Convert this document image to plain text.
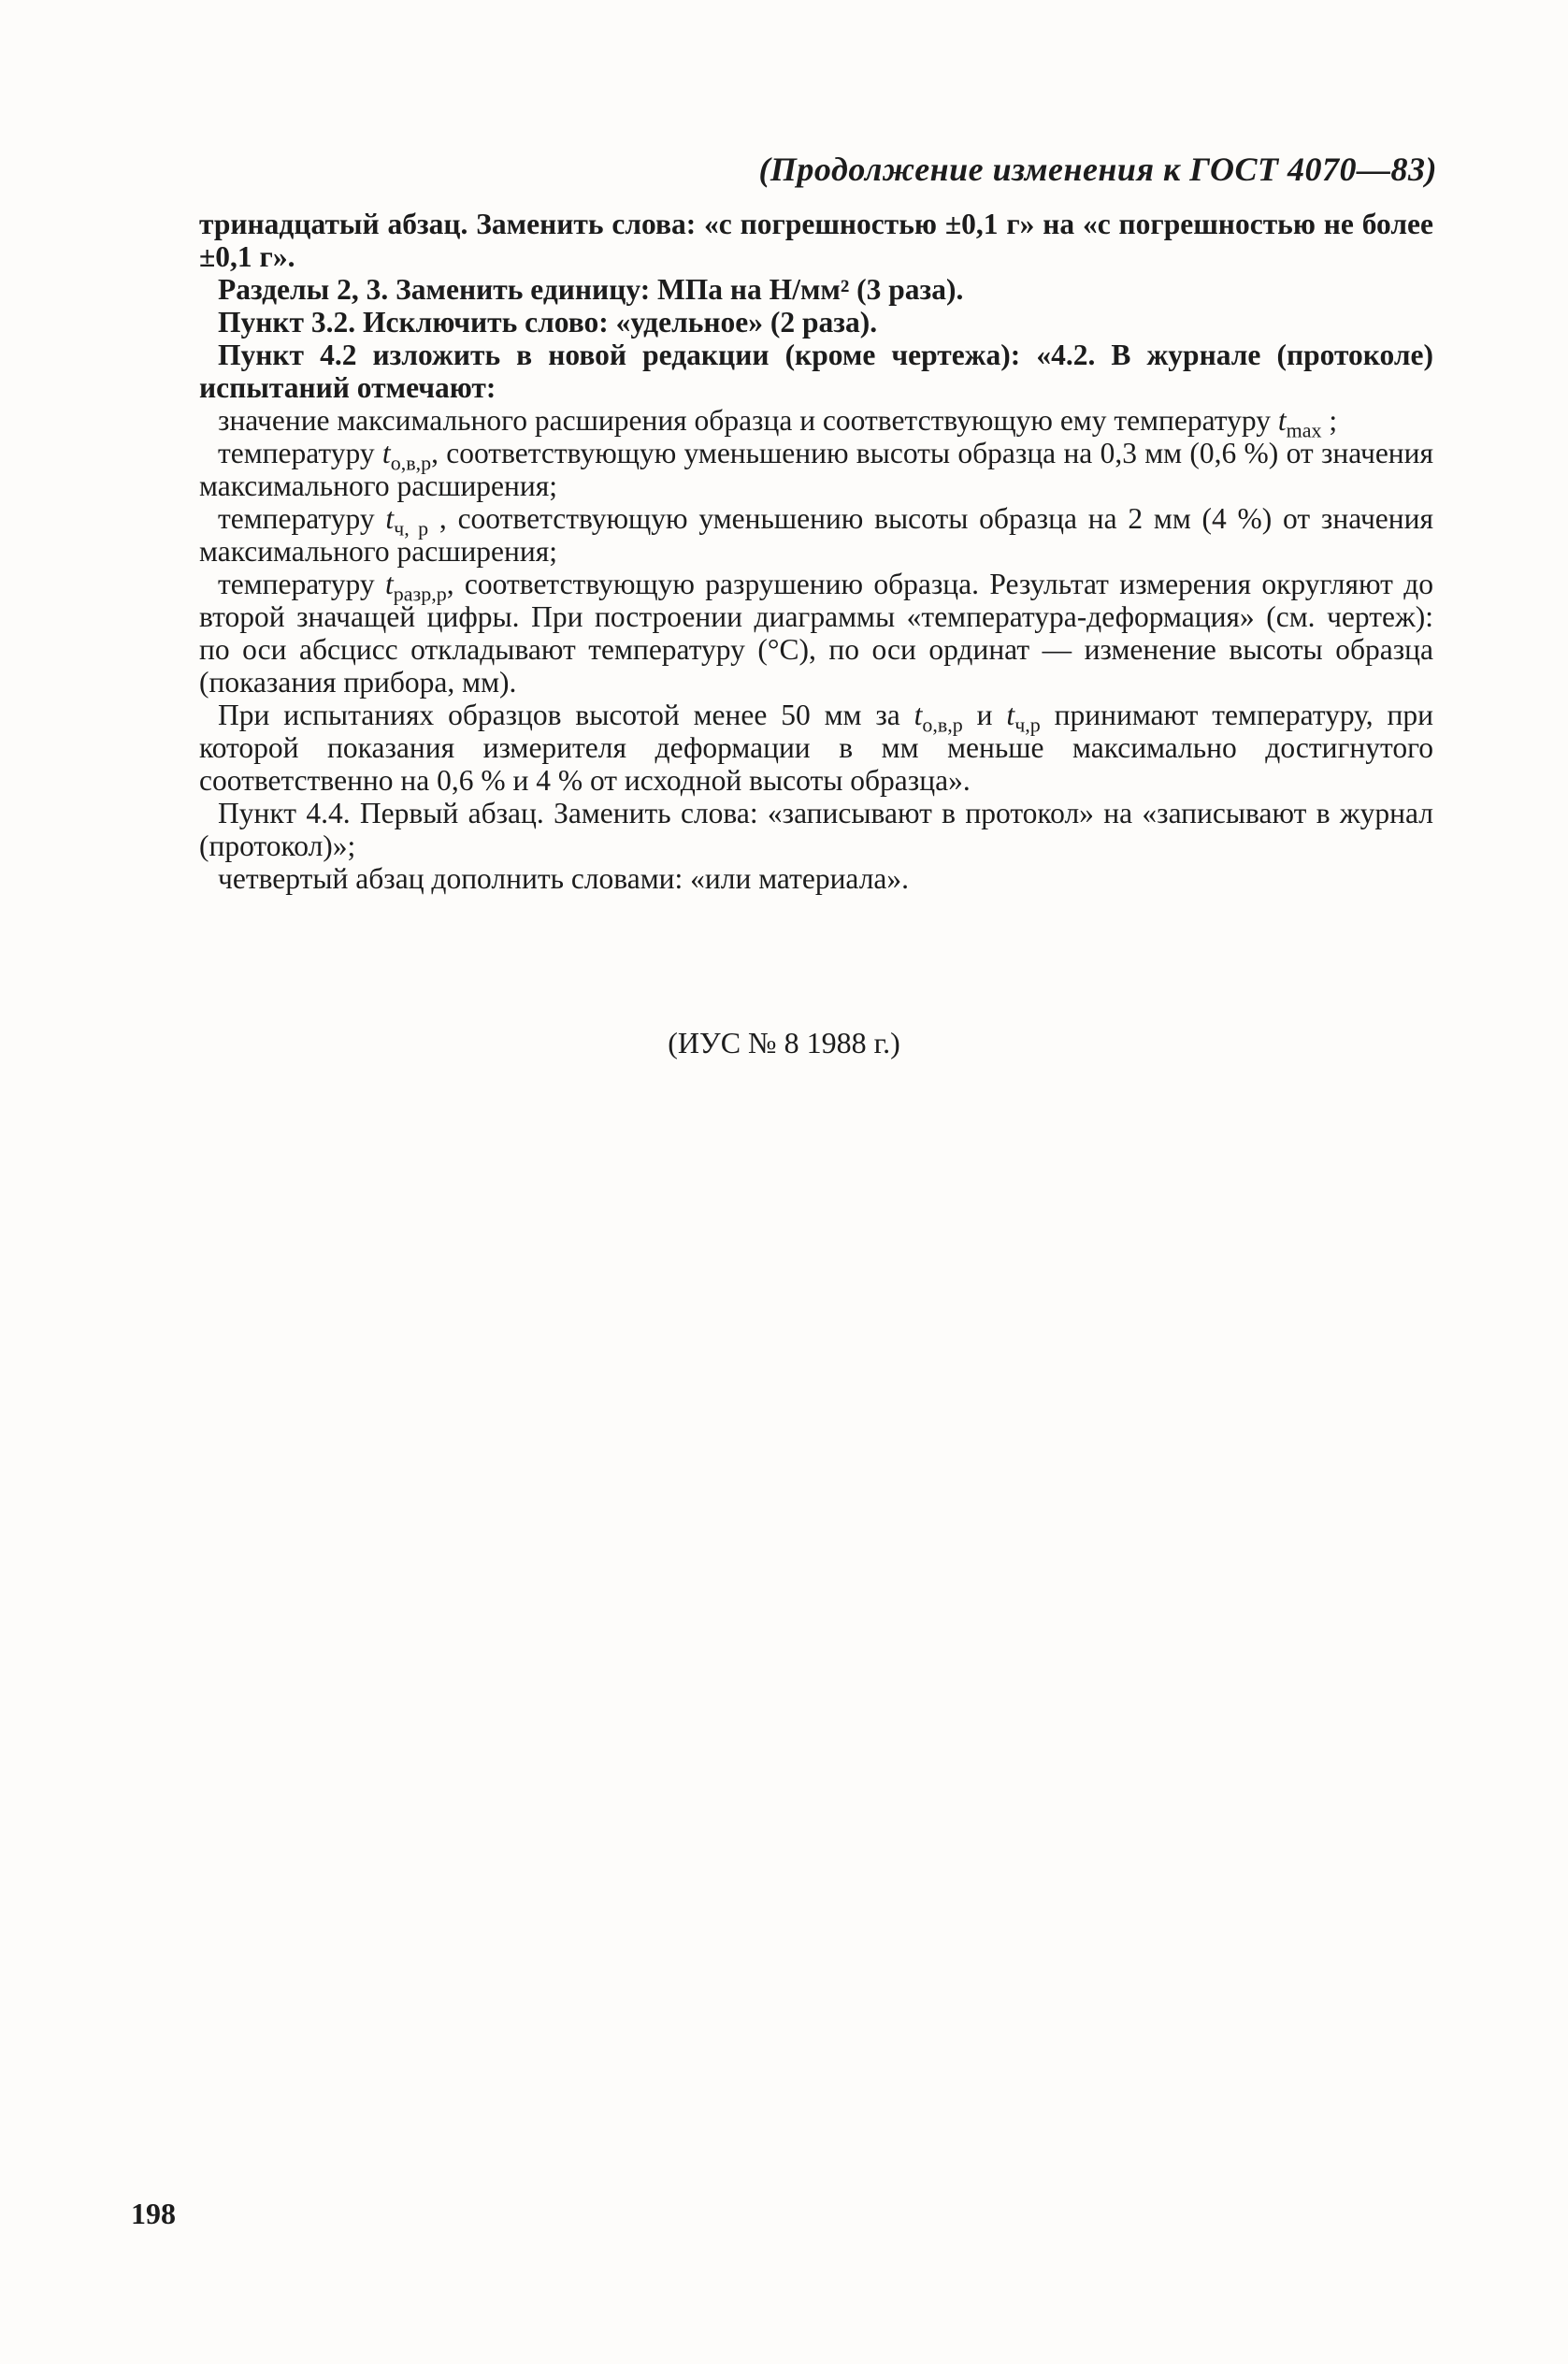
(Продолжение изменения к ГОСТ 4070—83)

тринадцатый абзац. Заменить слова: «с погрешностью ±0,1 г» на «с погрешностью не более ±0,1 г».

Разделы 2, 3. Заменить единицу: МПа на Н/мм² (3 раза).

Пункт 3.2. Исключить слово: «удельное» (2 раза).

Пункт 4.2 изложить в новой редакции (кроме чертежа): «4.2. В журнале (протоколе) испытаний отмечают:

значение максимального расширения образца и соответствующую ему температуру $t_{max}$ ;

температуру $t_{о,в,р}$, соответствующую уменьшению высоты образца на 0,3 мм (0,6 %) от значения максимального расширения;

температуру $t_{ч, р}$ , соответствующую уменьшению высоты образца на 2 мм (4 %) от значения максимального расширения;

температуру $t_{разр,р}$, соответствующую разрушению образца. Результат измерения округляют до второй значащей цифры. При построении диаграммы «температура-деформация» (см. чертеж): по оси абсцисс откладывают температуру (°С), по оси ординат — изменение высоты образца (показания прибора, мм).

При испытаниях образцов высотой менее 50 мм за $t_{о,в,р}$ и $t_{ч,р}$ принимают температуру, при которой показания измерителя деформации в мм меньше максимально достигнутого соответственно на 0,6 % и 4 % от исходной высоты образца».

Пункт 4.4. Первый абзац. Заменить слова: «записывают в протокол» на «записывают в журнал (протокол)»;

четвертый абзац дополнить словами: «или материала».

(ИУС № 8 1988 г.)
198
